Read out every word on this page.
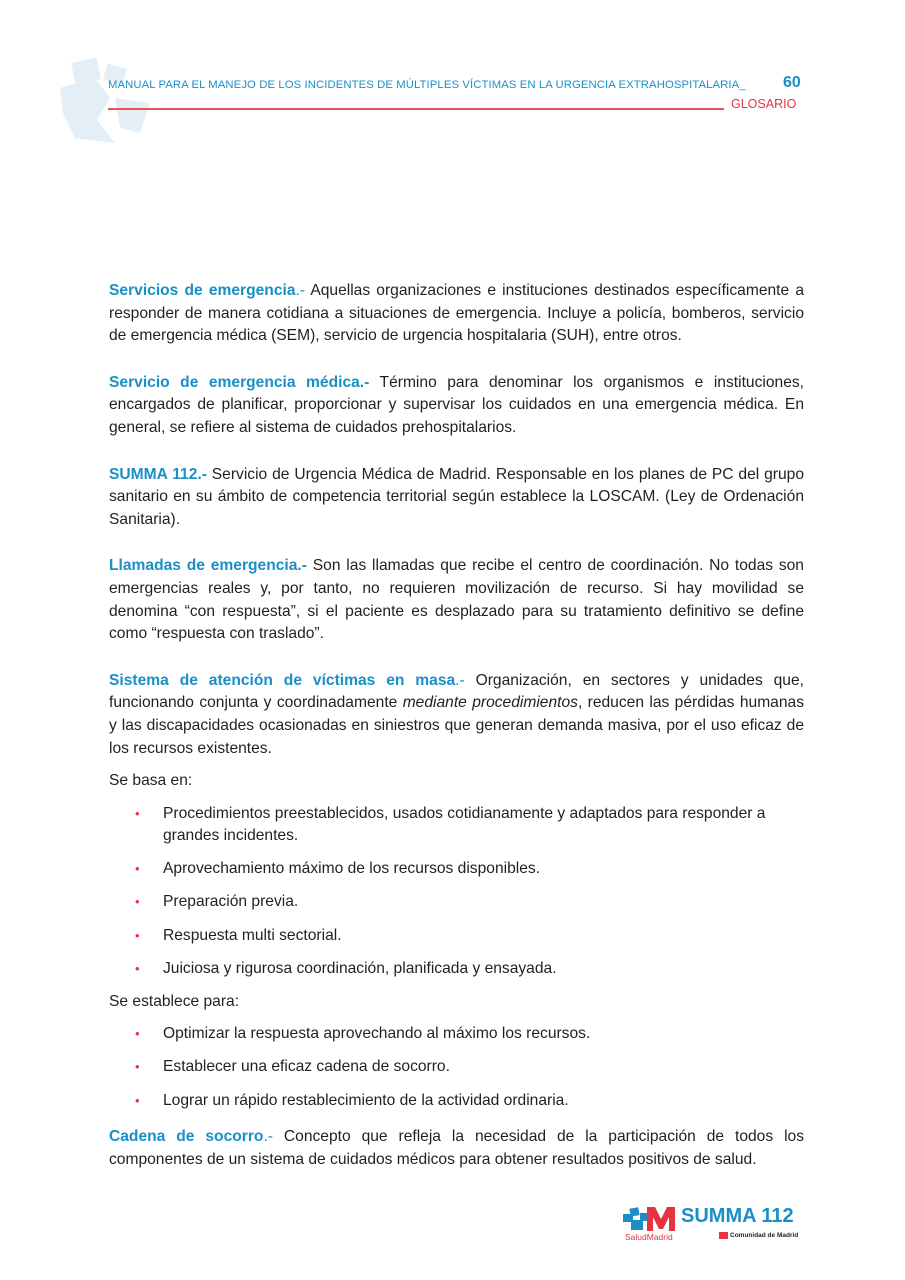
MANUAL PARA EL MANEJO DE LOS INCIDENTES DE MÚLTIPLES VÍCTIMAS EN LA URGENCIA EXTRAHOSPITALARIA_ 60
GLOSARIO

Servicios de emergencia.- Aquellas organizaciones e instituciones destinados específicamente a responder de manera cotidiana a situaciones de emergencia. Incluye a policía, bomberos, servicio de emergencia médica (SEM), servicio de urgencia hospitalaria (SUH), entre otros.

Servicio de emergencia médica.- Término para denominar los organismos e instituciones, encargados de planificar, proporcionar y supervisar los cuidados en una emergencia médica. En general, se refiere al sistema de cuidados prehospitalarios.

SUMMA 112.- Servicio de Urgencia Médica de Madrid. Responsable en los planes de PC del grupo sanitario en su ámbito de competencia territorial según establece la LOSCAM. (Ley de Ordenación Sanitaria).

Llamadas de emergencia.- Son las llamadas que recibe el centro de coordinación. No todas son emergencias reales y, por tanto, no requieren movilización de recurso. Si hay movilidad se denomina “con respuesta”, si el paciente es desplazado para su tratamiento definitivo se define como “respuesta con traslado”.

Sistema de atención de víctimas en masa.- Organización, en sectores y unidades que, funcionando conjunta y coordinadamente mediante procedimientos, reducen las pérdidas humanas y las discapacidades ocasionadas en siniestros que generan demanda masiva, por el uso eficaz de los recursos existentes.

Se basa en:

• Procedimientos preestablecidos, usados cotidianamente y adaptados para responder a grandes incidentes.
• Aprovechamiento máximo de los recursos disponibles.
• Preparación previa.
• Respuesta multi sectorial.
• Juiciosa y rigurosa coordinación, planificada y ensayada.

Se establece para:

• Optimizar la respuesta aprovechando al máximo los recursos.
• Establecer una eficaz cadena de socorro.
• Lograr un rápido restablecimiento de la actividad ordinaria.

Cadena de socorro.- Concepto que refleja la necesidad de la participación de todos los componentes de un sistema de cuidados médicos para obtener resultados positivos de salud.

SaludMadrid
SUMMA 112
Comunidad de Madrid
